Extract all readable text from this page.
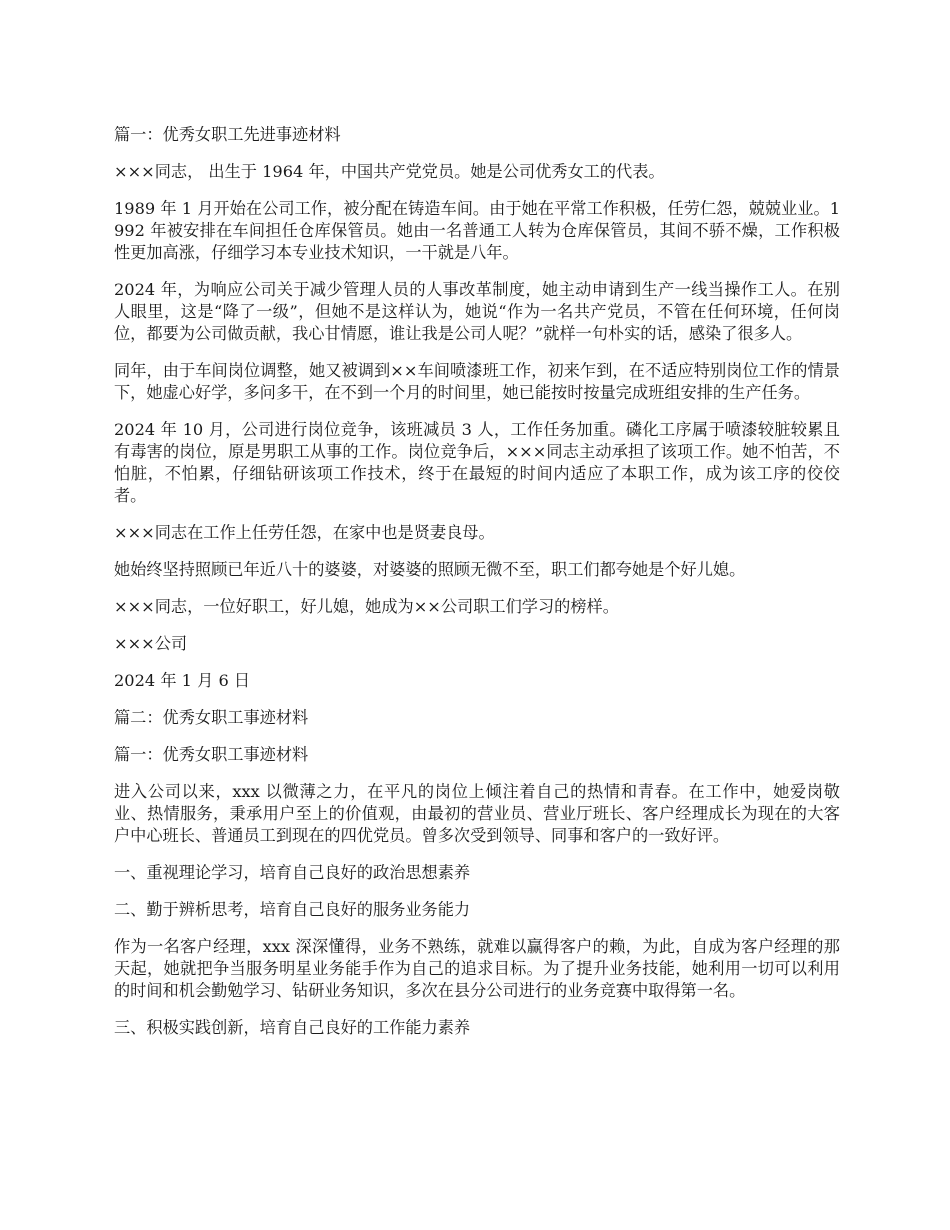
篇一：优秀女职工先进事迹材料

×××同志， 出生于 1964 年，中国共产党党员。她是公司优秀女工的代表。

1989 年 1 月开始在公司工作，被分配在铸造车间。由于她在平常工作积极，任劳仁怨，兢兢业业。1992 年被安排在车间担任仓库保管员。她由一名普通工人转为仓库保管员，其间不骄不燥，工作积极性更加高涨，仔细学习本专业技术知识，一干就是八年。

2024 年，为响应公司关于减少管理人员的人事改革制度，她主动申请到生产一线当操作工人。在别人眼里，这是“降了一级”，但她不是这样认为，她说“作为一名共产党员，不管在任何环境，任何岗位，都要为公司做贡献，我心甘情愿，谁让我是公司人呢？”就样一句朴实的话，感染了很多人。

同年，由于车间岗位调整，她又被调到××车间喷漆班工作，初来乍到，在不适应特别岗位工作的情景下，她虚心好学，多问多干，在不到一个月的时间里，她已能按时按量完成班组安排的生产任务。

2024 年 10 月，公司进行岗位竞争，该班减员 3 人，工作任务加重。磷化工序属于喷漆较脏较累且有毒害的岗位，原是男职工从事的工作。岗位竞争后，×××同志主动承担了该项工作。她不怕苦，不怕脏，不怕累，仔细钻研该项工作技术，终于在最短的时间内适应了本职工作，成为该工序的佼佼者。

×××同志在工作上任劳任怨，在家中也是贤妻良母。

她始终坚持照顾已年近八十的婆婆，对婆婆的照顾无微不至，职工们都夸她是个好儿媳。

×××同志，一位好职工，好儿媳，她成为××公司职工们学习的榜样。

×××公司

2024 年 1 月 6 日

篇二：优秀女职工事迹材料

篇一：优秀女职工事迹材料

进入公司以来，xxx 以微薄之力，在平凡的岗位上倾注着自己的热情和青春。在工作中，她爱岗敬业、热情服务，秉承用户至上的价值观，由最初的营业员、营业厅班长、客户经理成长为现在的大客户中心班长、普通员工到现在的四优党员。曾多次受到领导、同事和客户的一致好评。

一、重视理论学习，培育自己良好的政治思想素养

二、勤于辨析思考，培育自己良好的服务业务能力

作为一名客户经理，xxx 深深懂得，业务不熟练，就难以赢得客户的赖，为此，自成为客户经理的那天起，她就把争当服务明星业务能手作为自己的追求目标。为了提升业务技能，她利用一切可以利用的时间和机会勤勉学习、钻研业务知识，多次在县分公司进行的业务竞赛中取得第一名。

三、积极实践创新，培育自己良好的工作能力素养
